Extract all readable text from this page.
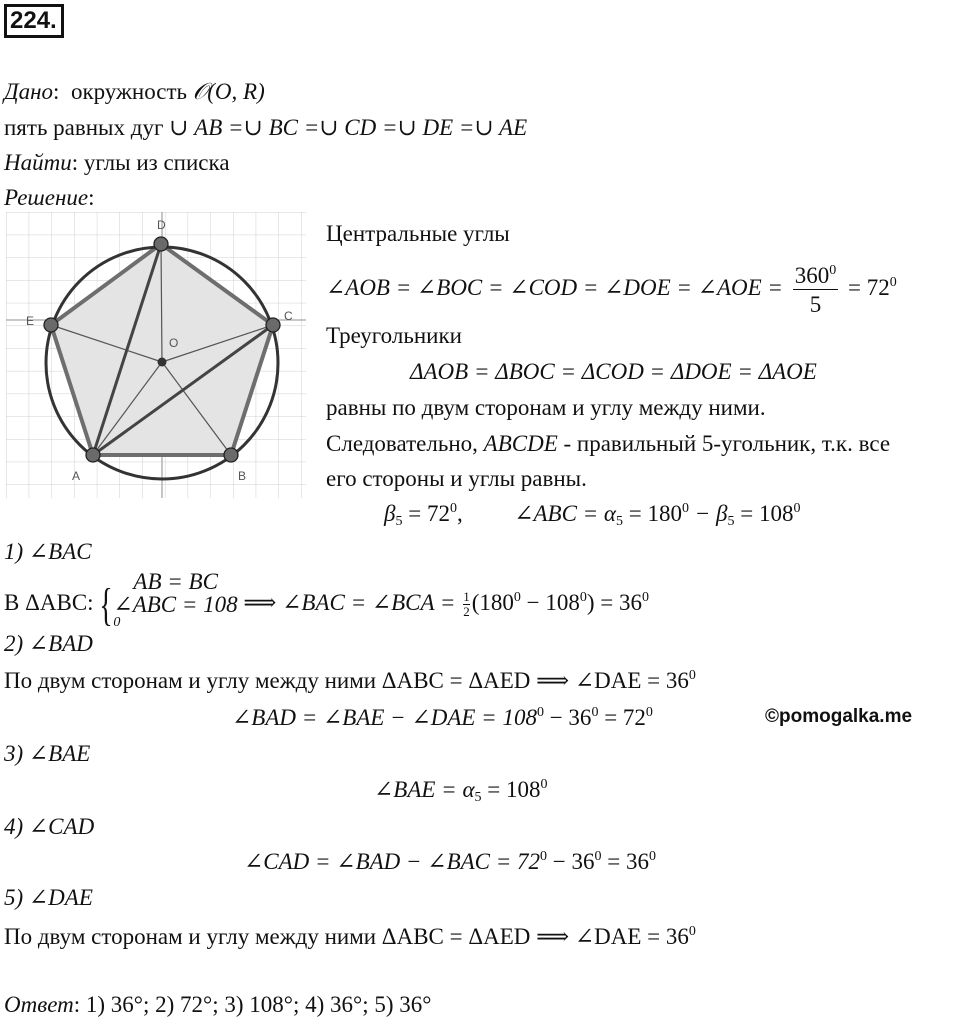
224.
Дано:  окружность 𝒪(O, R)
пять равных дуг ∪ AB =∪ BC =∪ CD =∪ DE =∪ AE
Найти: углы из списка
Решение:
D
E	C
O
A	B
Центральные углы
∠AOB = ∠BOC = ∠COD = ∠DOE = ∠AOE = $\frac{360^0}{5} = 72^0$
Треугольники
ΔAOB = ΔBOC = ΔCOD = ΔDOE = ΔAOE
равны по двум сторонам и углу между ними.
Следовательно, ABCDE - правильный 5-угольник, т.к. все
его стороны и углы равны.
$\beta_5 = 72^0$,  ∠ABC = $\alpha_5 = 180^0 - \beta_5 = 108^0$
1) ∠BAC
В ΔABC: { AB = BC
∠ABC = 108
$^0$
⟹ ∠BAC = ∠BCA = $\frac{1}{2} (180^0 - 108^0) = 36^0$
2) ∠BAD
По двум сторонам и углу между ними ΔABC = ΔAED ⟹ ∠DAE = $36^0$
∠BAD = ∠BAE − ∠DAE = $108^0 - 36^0 = 72^0$	©pomogalka.me
3) ∠BAE
∠BAE = $\alpha_5 = 108^0$
4) ∠CAD
∠CAD = ∠BAD − ∠BAC = $72^0 - 36^0 = 36^0$
5) ∠DAE
По двум сторонам и углу между ними ΔABC = ΔAED ⟹ ∠DAE = $36^0$
Ответ: 1) 36°; 2) 72°; 3) 108°; 4) 36°; 5) 36°
